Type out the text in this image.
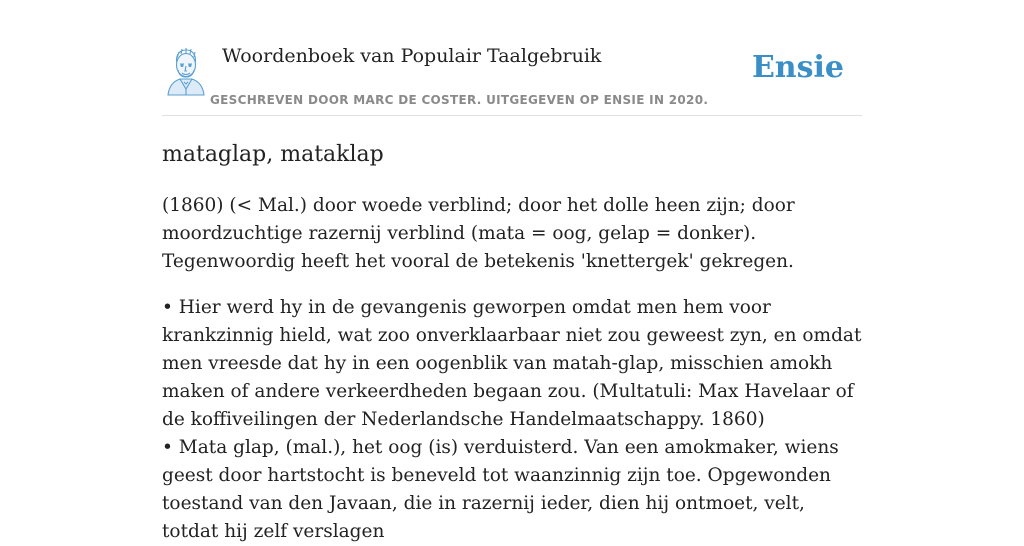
Woordenboek van Populair Taalgebruik
GESCHREVEN DOOR MARC DE COSTER. UITGEGEVEN OP ENSIE IN 2020.
Ensie
mataglap, mataklap

(1860) (< Mal.) door woede verblind; door het dolle heen zijn; door moordzuchtige razernij verblind (mata = oog, gelap = donker). Tegenwoordig heeft het vooral de betekenis 'knettergek' gekregen.

• Hier werd hy in de gevangenis geworpen omdat men hem voor krankzinnig hield, wat zoo onverklaarbaar niet zou geweest zyn, en omdat men vreesde dat hy in een oogenblik van matah-glap, misschien amokh maken of andere verkeerdheden begaan zou. (Multatuli: Max Havelaar of de koffiveilingen der Nederlandsche Handelmaatschappy. 1860)

• Mata glap, (mal.), het oog (is) verduisterd. Van een amokmaker, wiens geest door hartstocht is beneveld tot waanzinnig zijn toe. Opgewonden toestand van den Javaan, die in razernij ieder, dien hij ontmoet, velt, totdat hij zelf verslagen
